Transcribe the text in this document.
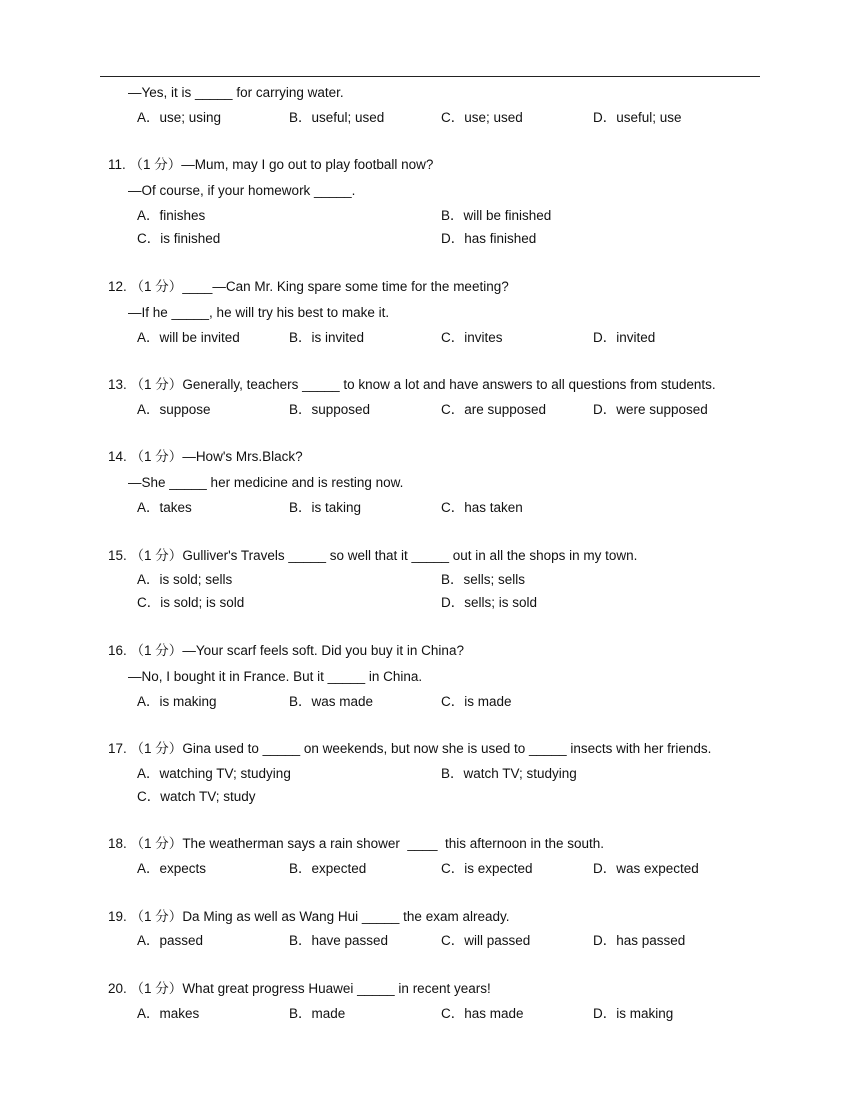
—Yes, it is _____ for carrying water.
A．use; using	B．useful; used	C．use; used	D．useful; use
11. （1 分）—Mum, may I go out to play football now?
—Of course, if your homework _____.
A．finishes	B．will be finished
C．is finished	D．has finished
12. （1 分）____—Can Mr. King spare some time for the meeting?
—If he _____, he will try his best to make it.
A．will be invited	B．is invited	C．invites	D．invited
13. （1 分）Generally, teachers _____ to know a lot and have answers to all questions from students.
A．suppose	B．supposed	C．are supposed	D．were supposed
14. （1 分）—How's Mrs.Black?
—She _____ her medicine and is resting now.
A．takes	B．is taking	C．has taken
15. （1 分）Gulliver's Travels _____ so well that it _____ out in all the shops in my town.
A．is sold; sells	B．sells; sells
C．is sold; is sold	D．sells; is sold
16. （1 分）—Your scarf feels soft. Did you buy it in China?
—No, I bought it in France. But it _____ in China.
A．is making	B．was made	C．is made
17. （1 分）Gina used to _____ on weekends, but now she is used to _____ insects with her friends.
A．watching TV; studying	B．watch TV; studying
C．watch TV; study
18. （1 分）The weatherman says a rain shower  ____  this afternoon in the south.
A．expects	B．expected	C．is expected	D．was expected
19. （1 分）Da Ming as well as Wang Hui _____ the exam already.
A．passed	B．have passed	C．will passed	D．has passed
20. （1 分）What great progress Huawei _____ in recent years!
A．makes	B．made	C．has made	D．is making
